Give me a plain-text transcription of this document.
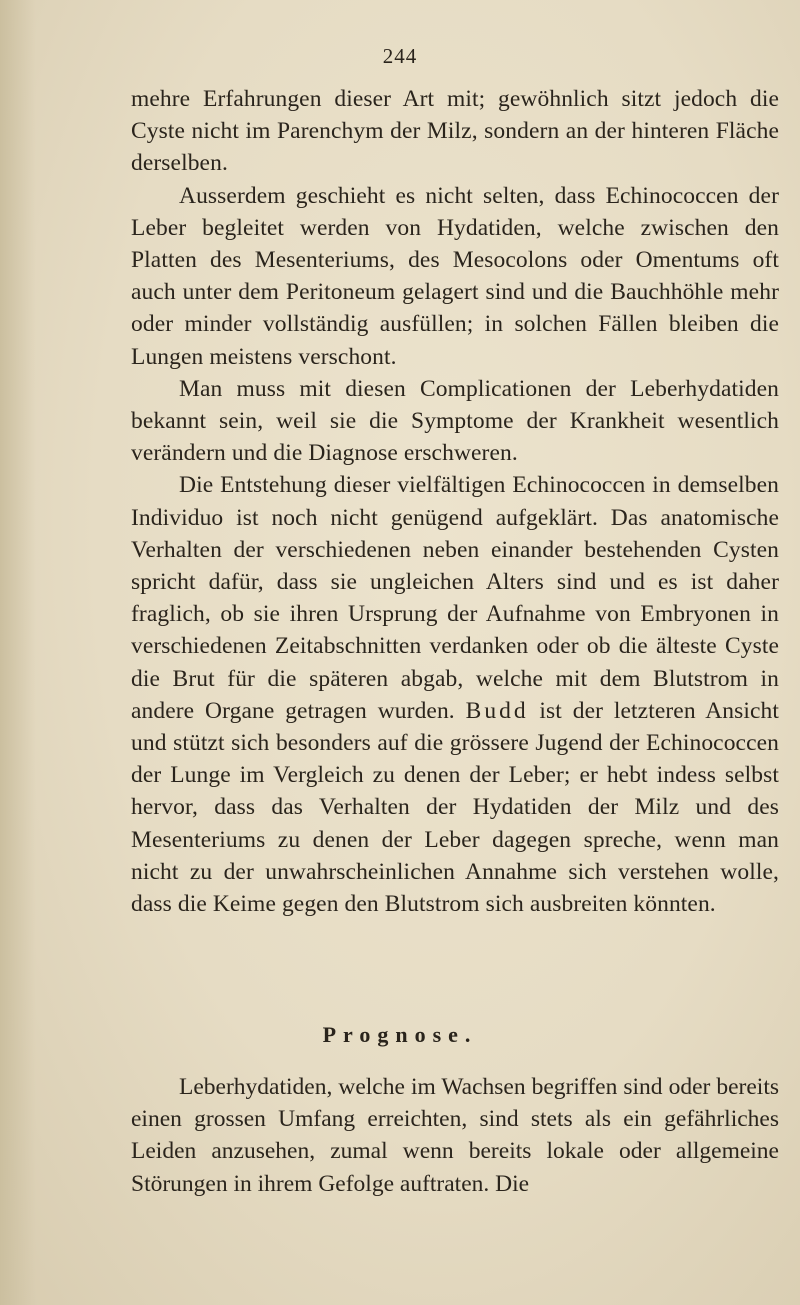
244

mehre Erfahrungen dieser Art mit; gewöhnlich sitzt jedoch die Cyste nicht im Parenchym der Milz, sondern an der hinteren Fläche derselben.

Ausserdem geschieht es nicht selten, dass Echinococcen der Leber begleitet werden von Hydatiden, welche zwischen den Platten des Mesenteriums, des Mesocolons oder Omentums oft auch unter dem Peritoneum gelagert sind und die Bauchhöhle mehr oder minder vollständig ausfüllen; in solchen Fällen bleiben die Lungen meistens verschont.

Man muss mit diesen Complicationen der Leberhydatiden bekannt sein, weil sie die Symptome der Krankheit wesentlich verändern und die Diagnose erschweren.

Die Entstehung dieser vielfältigen Echinococcen in demselben Individuo ist noch nicht genügend aufgeklärt. Das anatomische Verhalten der verschiedenen neben einander bestehenden Cysten spricht dafür, dass sie ungleichen Alters sind und es ist daher fraglich, ob sie ihren Ursprung der Aufnahme von Embryonen in verschiedenen Zeitabschnitten verdanken oder ob die älteste Cyste die Brut für die späteren abgab, welche mit dem Blutstrom in andere Organe getragen wurden. Budd ist der letzteren Ansicht und stützt sich besonders auf die grössere Jugend der Echinococcen der Lunge im Vergleich zu denen der Leber; er hebt indess selbst hervor, dass das Verhalten der Hydatiden der Milz und des Mesenteriums zu denen der Leber dagegen spreche, wenn man nicht zu der unwahrscheinlichen Annahme sich verstehen wolle, dass die Keime gegen den Blutstrom sich ausbreiten könnten.

Prognose.

Leberhydatiden, welche im Wachsen begriffen sind oder bereits einen grossen Umfang erreichten, sind stets als ein gefährliches Leiden anzusehen, zumal wenn bereits lokale oder allgemeine Störungen in ihrem Gefolge auftraten. Die
